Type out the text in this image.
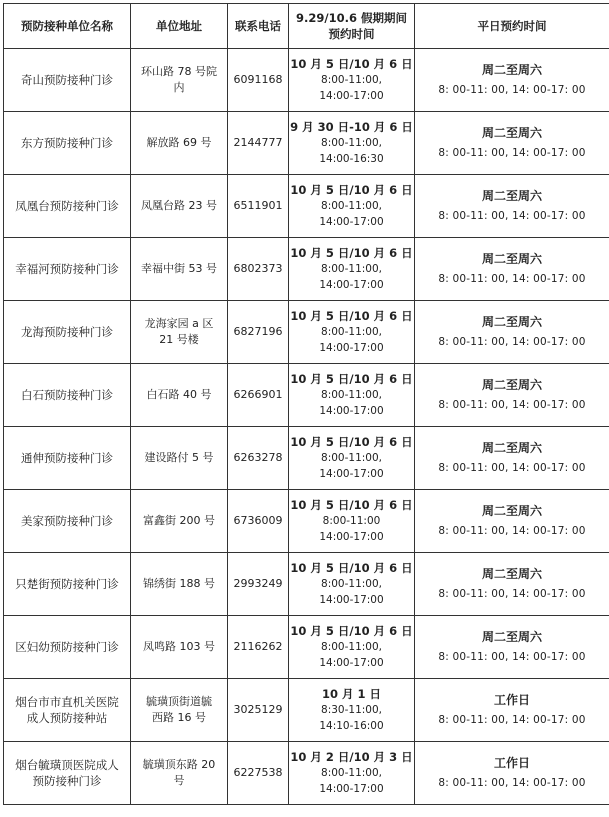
预防接种单位名称	单位地址	联系电话	9.29/10.6 假期期间
预约时间	平日预约时间

奇山预防接种门诊	环山路 78 号院
内	6091168	10 月 5 日/10 月 6 日
8:00-11:00,
14:00-17:00	周二至周六
8: 00-11: 00, 14: 00-17: 00

东方预防接种门诊	解放路 69 号	2144777	9 月 30 日-10 月 6 日
8:00-11:00,
14:00-16:30	周二至周六
8: 00-11: 00, 14: 00-17: 00

凤凰台预防接种门诊	凤凰台路 23 号	6511901	10 月 5 日/10 月 6 日
8:00-11:00,
14:00-17:00	周二至周六
8: 00-11: 00, 14: 00-17: 00

幸福河预防接种门诊	幸福中街 53 号	6802373	10 月 5 日/10 月 6 日
8:00-11:00,
14:00-17:00	周二至周六
8: 00-11: 00, 14: 00-17: 00

龙海预防接种门诊	龙海家园 a 区
21 号楼	6827196	10 月 5 日/10 月 6 日
8:00-11:00,
14:00-17:00	周二至周六
8: 00-11: 00, 14: 00-17: 00

白石预防接种门诊	白石路 40 号	6266901	10 月 5 日/10 月 6 日
8:00-11:00,
14:00-17:00	周二至周六
8: 00-11: 00, 14: 00-17: 00

通伸预防接种门诊	建设路付 5 号	6263278	10 月 5 日/10 月 6 日
8:00-11:00,
14:00-17:00	周二至周六
8: 00-11: 00, 14: 00-17: 00

美家预防接种门诊	富鑫街 200 号	6736009	10 月 5 日/10 月 6 日
8:00-11:00
14:00-17:00	周二至周六
8: 00-11: 00, 14: 00-17: 00

只楚街预防接种门诊	锦绣街 188 号	2993249	10 月 5 日/10 月 6 日
8:00-11:00,
14:00-17:00	周二至周六
8: 00-11: 00, 14: 00-17: 00

区妇幼预防接种门诊	凤鸣路 103 号	2116262	10 月 5 日/10 月 6 日
8:00-11:00,
14:00-17:00	周二至周六
8: 00-11: 00, 14: 00-17: 00

烟台市市直机关医院
成人预防接种站	毓璜顶街道毓
西路 16 号	3025129	10 月 1 日
8:30-11:00,
14:10-16:00	工作日
8: 00-11: 00, 14: 00-17: 00

烟台毓璜顶医院成人
预防接种门诊	毓璜顶东路 20
号	6227538	10 月 2 日/10 月 3 日
8:00-11:00,
14:00-17:00	工作日
8: 00-11: 00, 14: 00-17: 00
